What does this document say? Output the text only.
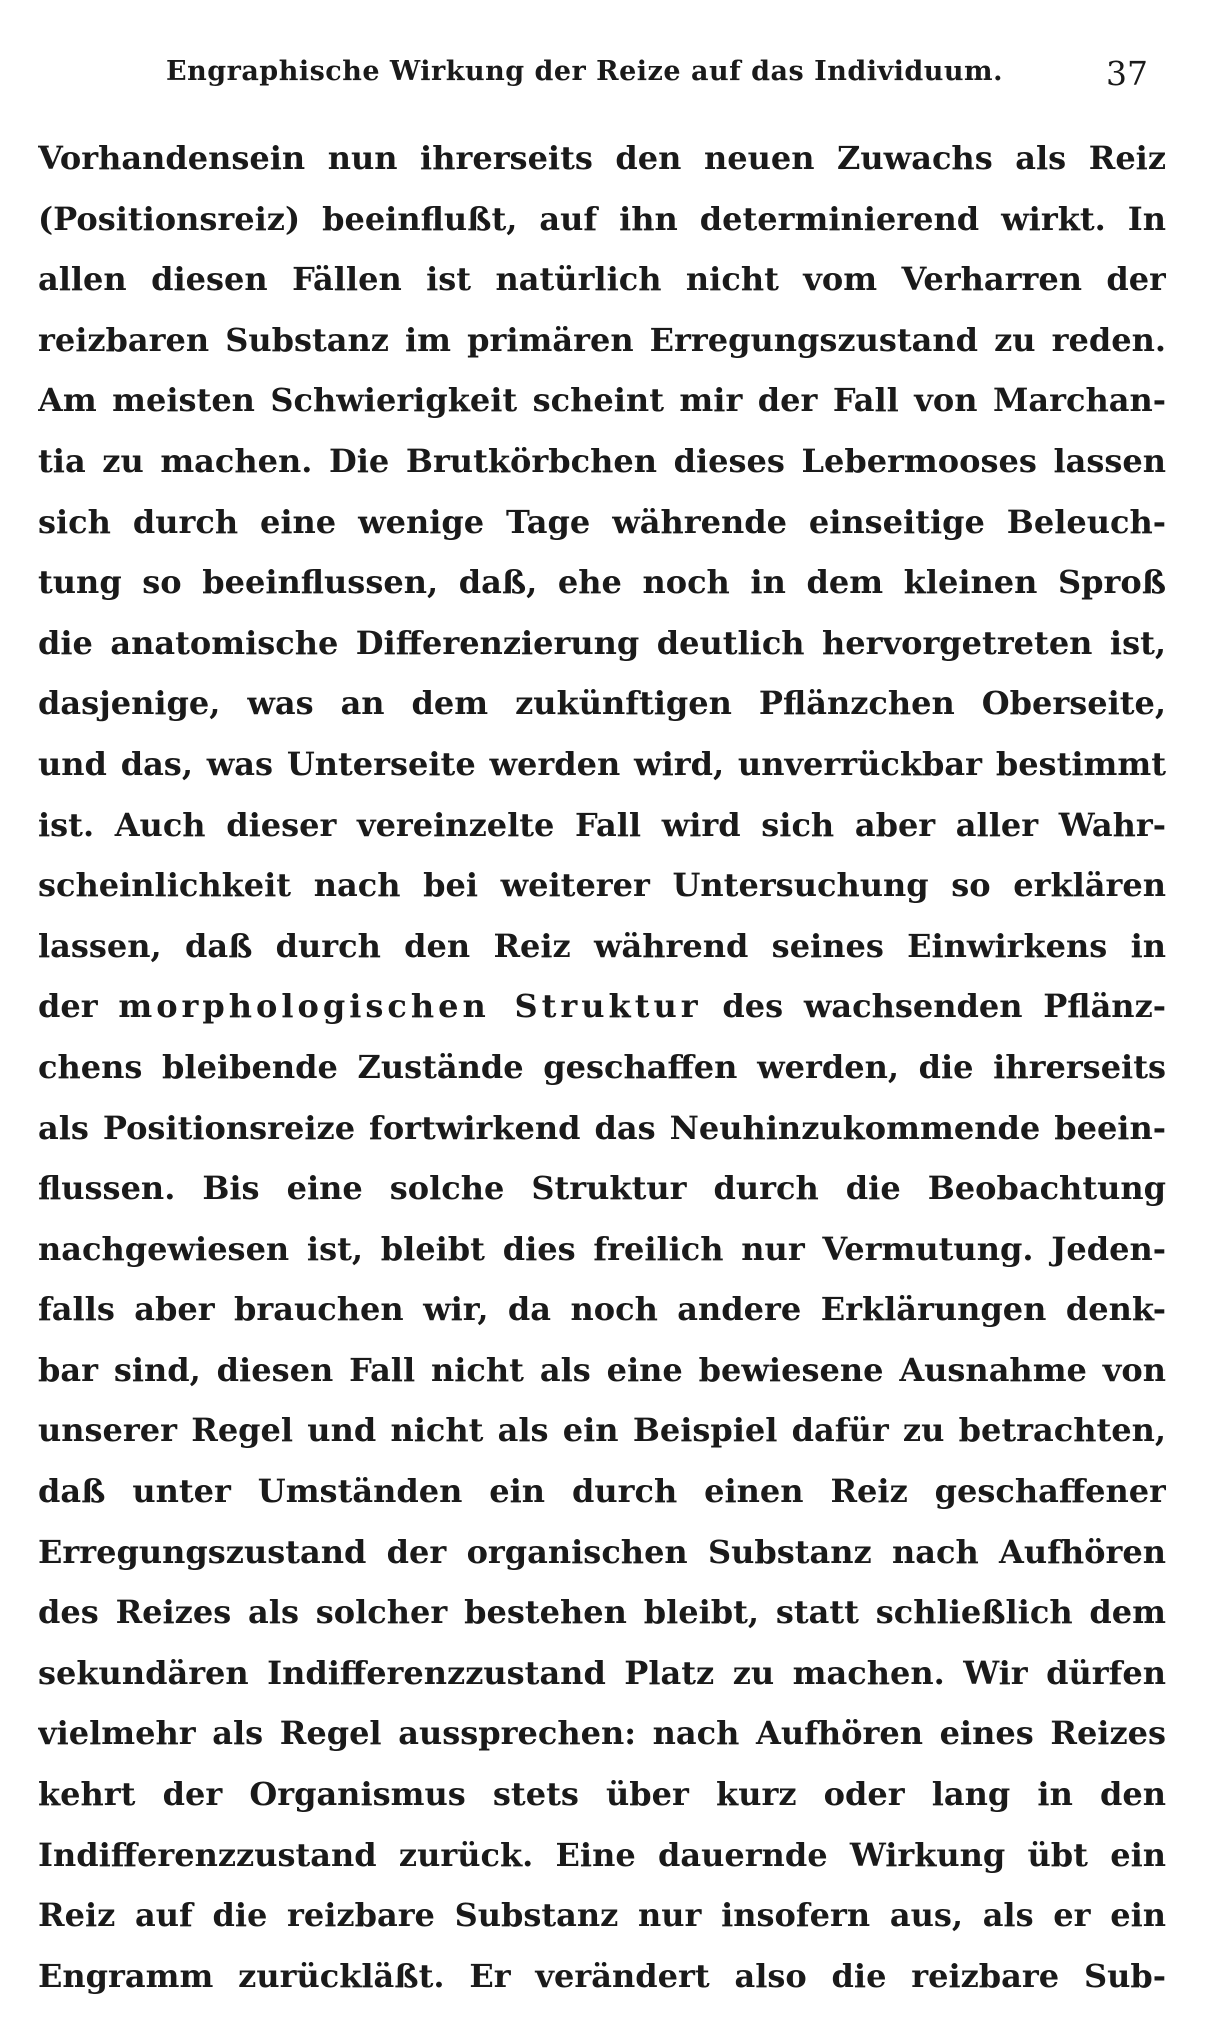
Engraphische Wirkung der Reize auf das Individuum.	37
Vorhandensein nun ihrerseits den neuen Zuwachs als Reiz
(Positionsreiz) beeinflußt, auf ihn determinierend wirkt. In
allen diesen Fällen ist natürlich nicht vom Verharren der
reizbaren Substanz im primären Erregungszustand zu reden.
Am meisten Schwierigkeit scheint mir der Fall von Marchan-
tia zu machen. Die Brutkörbchen dieses Lebermooses lassen
sich durch eine wenige Tage währende einseitige Beleuch-
tung so beeinflussen, daß, ehe noch in dem kleinen Sproß
die anatomische Differenzierung deutlich hervorgetreten ist,
dasjenige, was an dem zukünftigen Pflänzchen Oberseite,
und das, was Unterseite werden wird, unverrückbar bestimmt
ist. Auch dieser vereinzelte Fall wird sich aber aller Wahr-
scheinlichkeit nach bei weiterer Untersuchung so erklären
lassen, daß durch den Reiz während seines Einwirkens in
der morphologischen Struktur des wachsenden Pflänz-
chens bleibende Zustände geschaffen werden, die ihrerseits
als Positionsreize fortwirkend das Neuhinzukommende beein-
flussen. Bis eine solche Struktur durch die Beobachtung
nachgewiesen ist, bleibt dies freilich nur Vermutung. Jeden-
falls aber brauchen wir, da noch andere Erklärungen denk-
bar sind, diesen Fall nicht als eine bewiesene Ausnahme von
unserer Regel und nicht als ein Beispiel dafür zu betrachten,
daß unter Umständen ein durch einen Reiz geschaffener
Erregungszustand der organischen Substanz nach Aufhören
des Reizes als solcher bestehen bleibt, statt schließlich dem
sekundären Indifferenzzustand Platz zu machen. Wir dürfen
vielmehr als Regel aussprechen: nach Aufhören eines Reizes
kehrt der Organismus stets über kurz oder lang in den
Indifferenzzustand zurück. Eine dauernde Wirkung übt ein
Reiz auf die reizbare Substanz nur insofern aus, als er ein
Engramm zurückläßt. Er verändert also die reizbare Sub-
